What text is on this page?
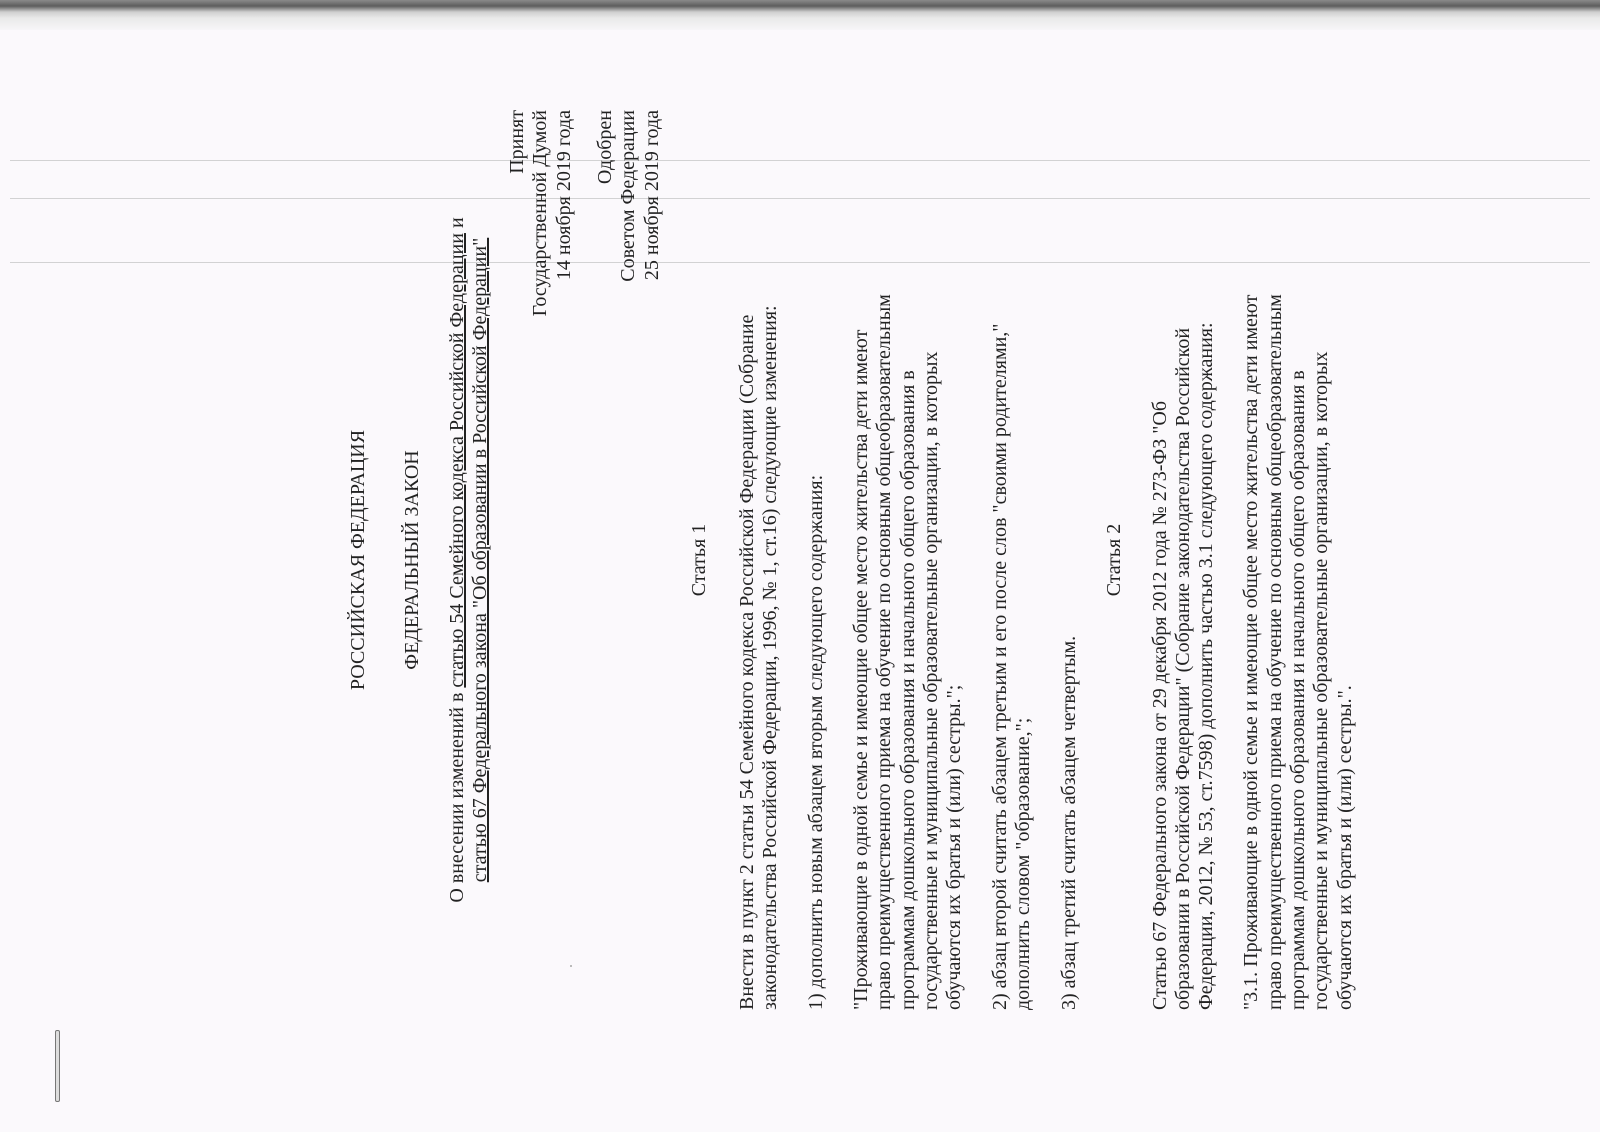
РОССИЙСКАЯ ФЕДЕРАЦИЯ ФЕДЕРАЛЬНЫЙ ЗАКОН
О внесении изменений в статью 54 Семейного кодекса Российской Федерации и
статью 67 Федерального закона "Об образовании в Российской Федерации"
Принят Государственной Думой 14 ноября 2019 года Одобрен Советом Федерации 25 ноября 2019 года
Статья 1 Внести в пункт 2 статьи 54 Семейного кодекса Российской Федерации (Собрание законодательства Российской Федерации, 1996, № 1, ст.16) следующие изменения: 1) дополнить новым абзацем вторым следующего содержания: "Проживающие в одной семье и имеющие общее место жительства дети имеют право преимущественного приема на обучение по основным общеобразовательным программам дошкольного образования и начального общего образования в государственные и муниципальные образовательные организации, в которых обучаются их братья и (или) сестры."; 2) абзац второй считать абзацем третьим и его после слов "своими родителями," дополнить словом "образование,"; 3) абзац третий считать абзацем четвертым.
Статья 2 Статью 67 Федерального закона от 29 декабря 2012 года № 273-ФЗ "Об образовании в Российской Федерации" (Собрание законодательства Российской Федерации, 2012, № 53, ст.7598) дополнить частью 3.1 следующего содержания: "3.1. Проживающие в одной семье и имеющие общее место жительства дети имеют право преимущественного приема на обучение по основным общеобразовательным программам дошкольного образования и начального общего образования в государственные и муниципальные образовательные организации, в которых обучаются их братья и (или) сестры.".
